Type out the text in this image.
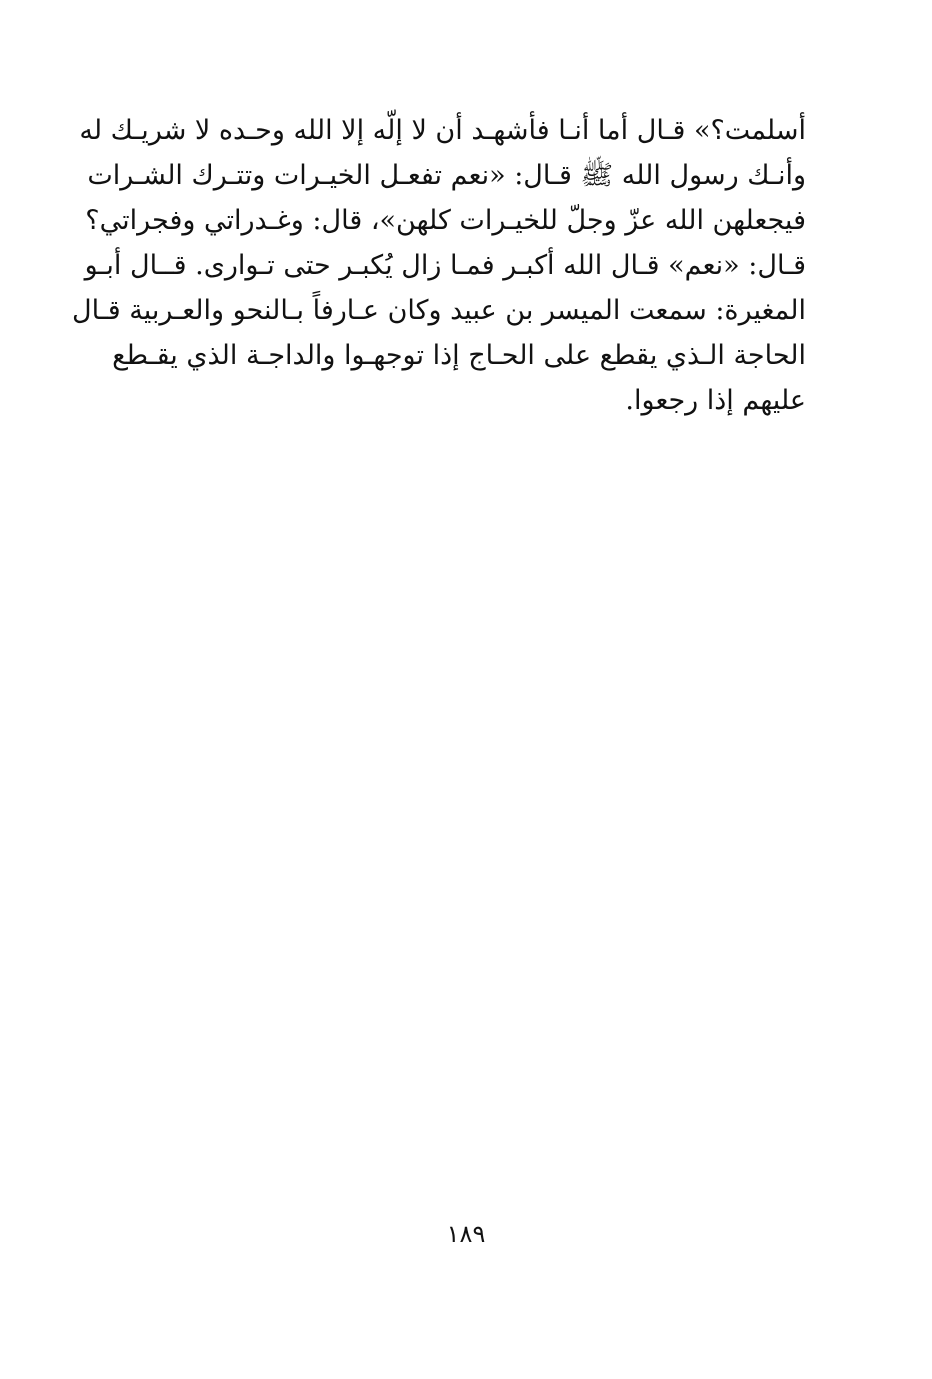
أسلمت؟» قـال أما أنـا فأشهـد أن لا إلّه إلا الله وحـده لا شريـك له
وأنـك رسول الله ﷺ قـال: «نعم تفعـل الخيـرات وتتـرك الشـرات
فيجعلهن الله عزّ وجلّ للخيـرات كلهن»، قال: وغـدراتي وفجراتي؟
قـال: «نعم» قـال الله أكبـر فمـا زال يُكبـر حتى تـوارى. قــال أبـو
المغيرة: سمعت الميسر بن عبيد وكان عـارفاً بـالنحو والعـربية قـال
الحاجة الـذي يقطع على الحـاج إذا توجهـوا والداجـة الذي يقـطع
عليهم إذا رجعوا.
١٨٩
